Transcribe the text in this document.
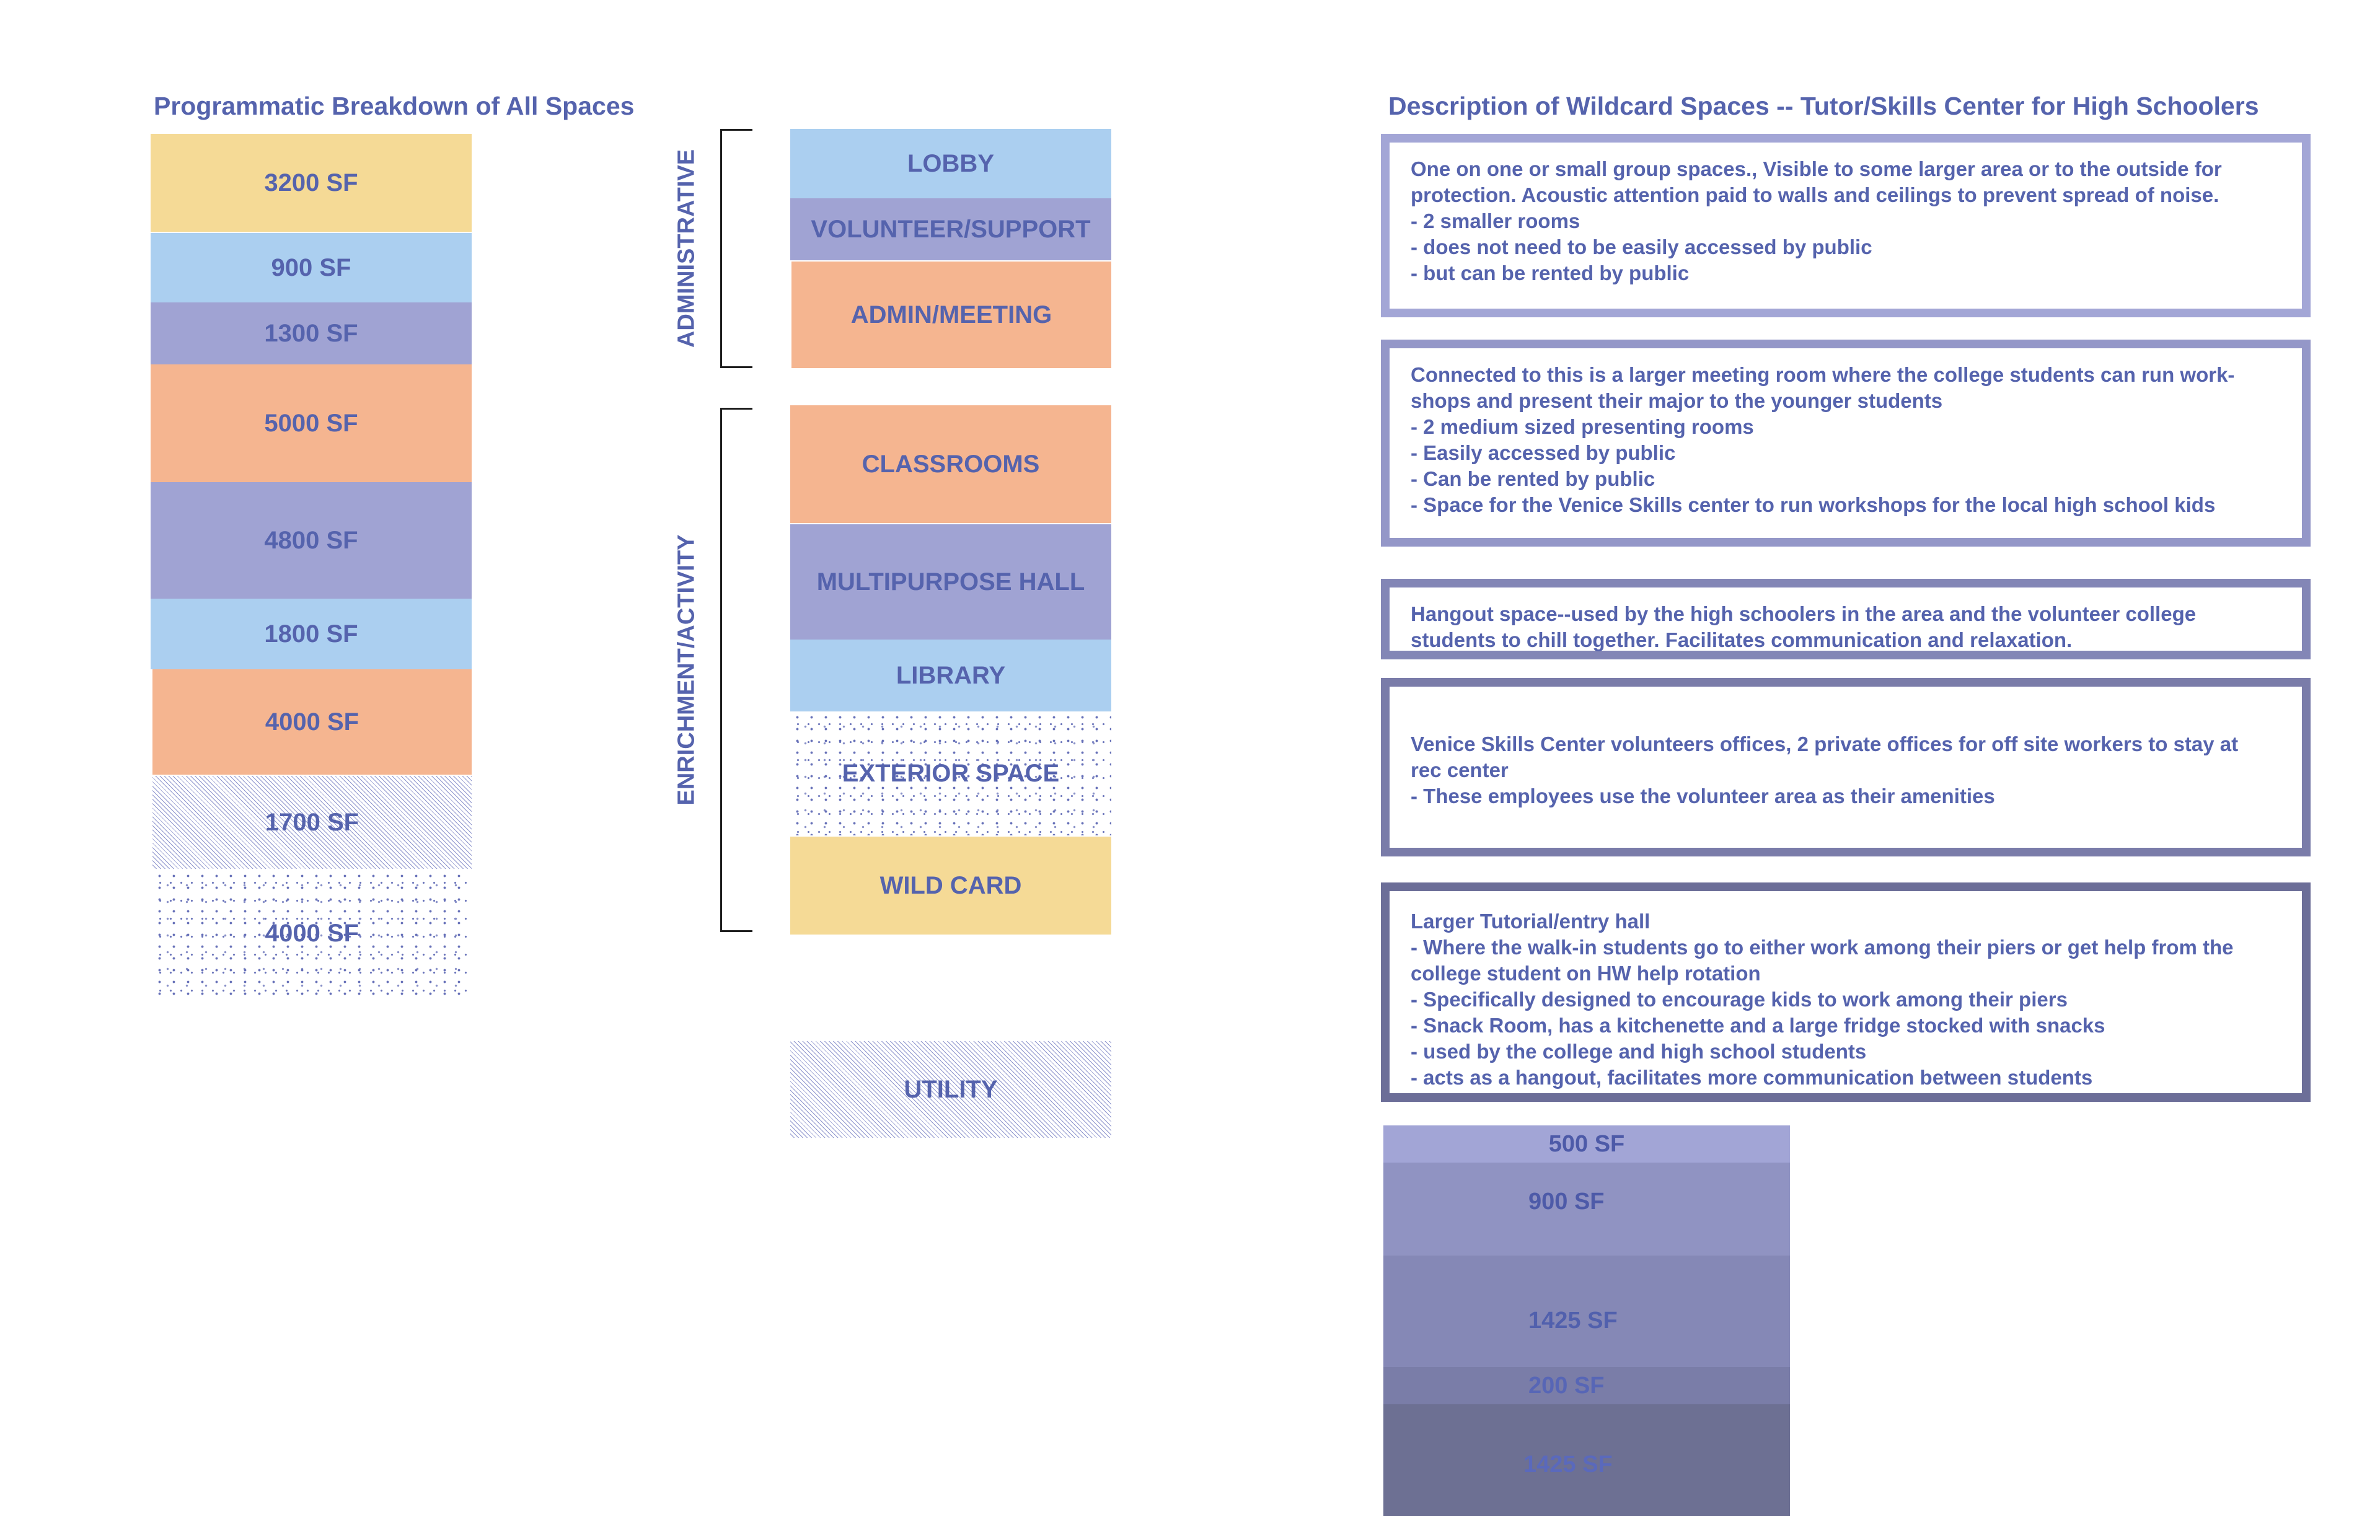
Programmatic Breakdown of All Spaces	Description of Wildcard Spaces -- Tutor/Skills Center for High Schoolers
3200 SF
900 SF
1300 SF
5000 SF
4800 SF
1800 SF
4000 SF
1700 SF
4000 SF
ADMINISTRATIVE
ENRICHMENT/ACTIVITY
LOBBY
VOLUNTEER/SUPPORT
ADMIN/MEETING
CLASSROOMS
MULTIPURPOSE HALL
LIBRARY
EXTERIOR SPACE
WILD CARD
UTILITY
One on one or small group spaces., Visible to some larger area or to the outside for
protection. Acoustic attention paid to walls and ceilings to prevent spread of noise.
- 2 smaller rooms
- does not need to be easily accessed by public
- but can be rented by public
Connected to this is a larger meeting room where the college students can run work-
shops and present their major to the younger students
- 2 medium sized presenting rooms
- Easily accessed by public
- Can be rented by public
- Space for the Venice Skills center to run workshops for the local high school kids
Hangout space--used by the high schoolers in the area and the volunteer college
students to chill together. Facilitates communication and relaxation.
Venice Skills Center volunteers offices, 2 private offices for off site workers to stay at
rec center
- These employees use the volunteer area as their amenities
Larger Tutorial/entry hall
- Where the walk-in students go to either work among their piers or get help from the
college student on HW help rotation
- Specifically designed to encourage kids to work among their piers
- Snack Room, has a kitchenette and a large fridge stocked with snacks
- used by the college and high school students
- acts as a hangout, facilitates more communication between students
500 SF
900 SF
1425 SF
200 SF
1425 SF
